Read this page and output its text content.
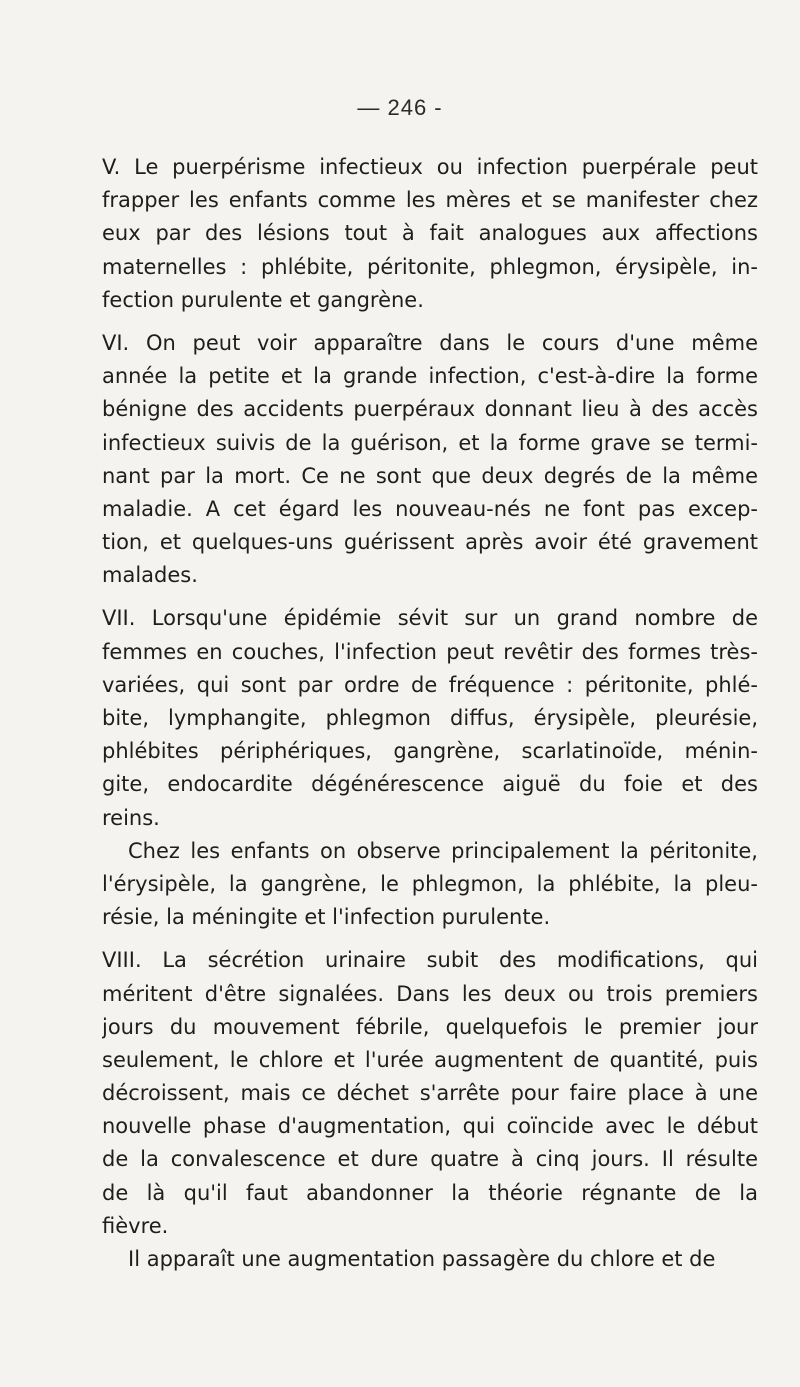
— 246 -
V. Le puerpérisme infectieux ou infection puerpérale peut
frapper les enfants comme les mères et se manifester chez
eux par des lésions tout à fait analogues aux affections
maternelles : phlébite, péritonite, phlegmon, érysipèle, in-
fection purulente et gangrène.
VI. On peut voir apparaître dans le cours d'une même
année la petite et la grande infection, c'est-à-dire la forme
bénigne des accidents puerpéraux donnant lieu à des accès
infectieux suivis de la guérison, et la forme grave se termi-
nant par la mort. Ce ne sont que deux degrés de la même
maladie. A cet égard les nouveau-nés ne font pas excep-
tion, et quelques-uns guérissent après avoir été gravement
malades.
VII. Lorsqu'une épidémie sévit sur un grand nombre de
femmes en couches, l'infection peut revêtir des formes très-
variées, qui sont par ordre de fréquence : péritonite, phlé-
bite, lymphangite, phlegmon diffus, érysipèle, pleurésie,
phlébites périphériques, gangrène, scarlatinoïde, ménin-
gite, endocardite dégénérescence aiguë du foie et des
reins.
Chez les enfants on observe principalement la péritonite,
l'érysipèle, la gangrène, le phlegmon, la phlébite, la pleu-
résie, la méningite et l'infection purulente.
VIII. La sécrétion urinaire subit des modifications, qui
méritent d'être signalées. Dans les deux ou trois premiers
jours du mouvement fébrile, quelquefois le premier jour
seulement, le chlore et l'urée augmentent de quantité, puis
décroissent, mais ce déchet s'arrête pour faire place à une
nouvelle phase d'augmentation, qui coïncide avec le début
de la convalescence et dure quatre à cinq jours. Il résulte
de là qu'il faut abandonner la théorie régnante de la
fièvre.
Il apparaît une augmentation passagère du chlore et de
